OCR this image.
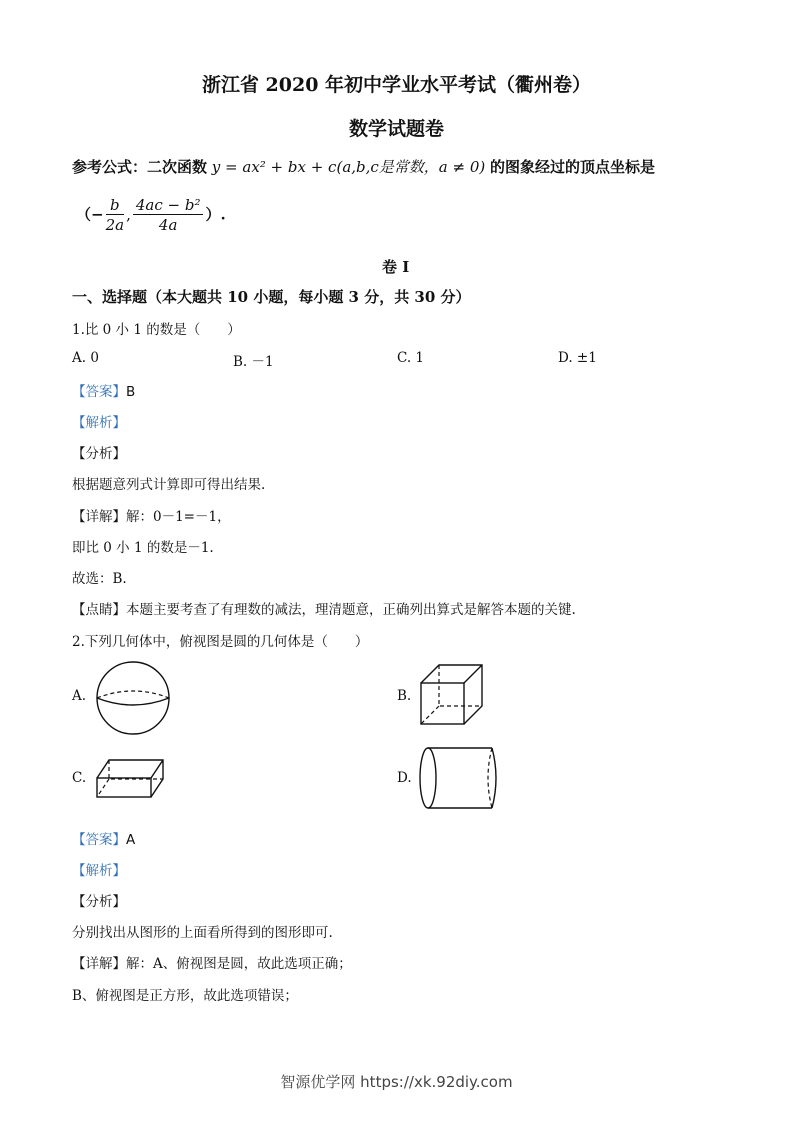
浙江省 2020 年初中学业水平考试（衢州卷）
数学试题卷
参考公式：二次函数 y = ax² + bx + c(a,b,c是常数，a ≠ 0) 的图象经过的顶点坐标是
（− $\frac{b}{2a}$ , $\frac{\text{4ac − b²}}{4a}$ ）.
卷 I
一、选择题（本大题共 10 小题，每小题 3 分，共 30 分）
1.比 0 小 1 的数是（　　）
A. 0	B. －1	C. 1	D. ±1
【答案】B
【解析】
【分析】
根据题意列式计算即可得出结果.
【详解】解：0－1=－1，
即比 0 小 1 的数是－1.
故选：B.
【点睛】本题主要考查了有理数的减法，理清题意，正确列出算式是解答本题的关键.
2.下列几何体中，俯视图是圆的几何体是（　　）
A.	B.
C.	D.
【答案】A
【解析】
【分析】
分别找出从图形的上面看所得到的图形即可.
【详解】解：A、俯视图是圆，故此选项正确；
B、俯视图是正方形，故此选项错误；
智源优学网 https://xk.92diy.com
